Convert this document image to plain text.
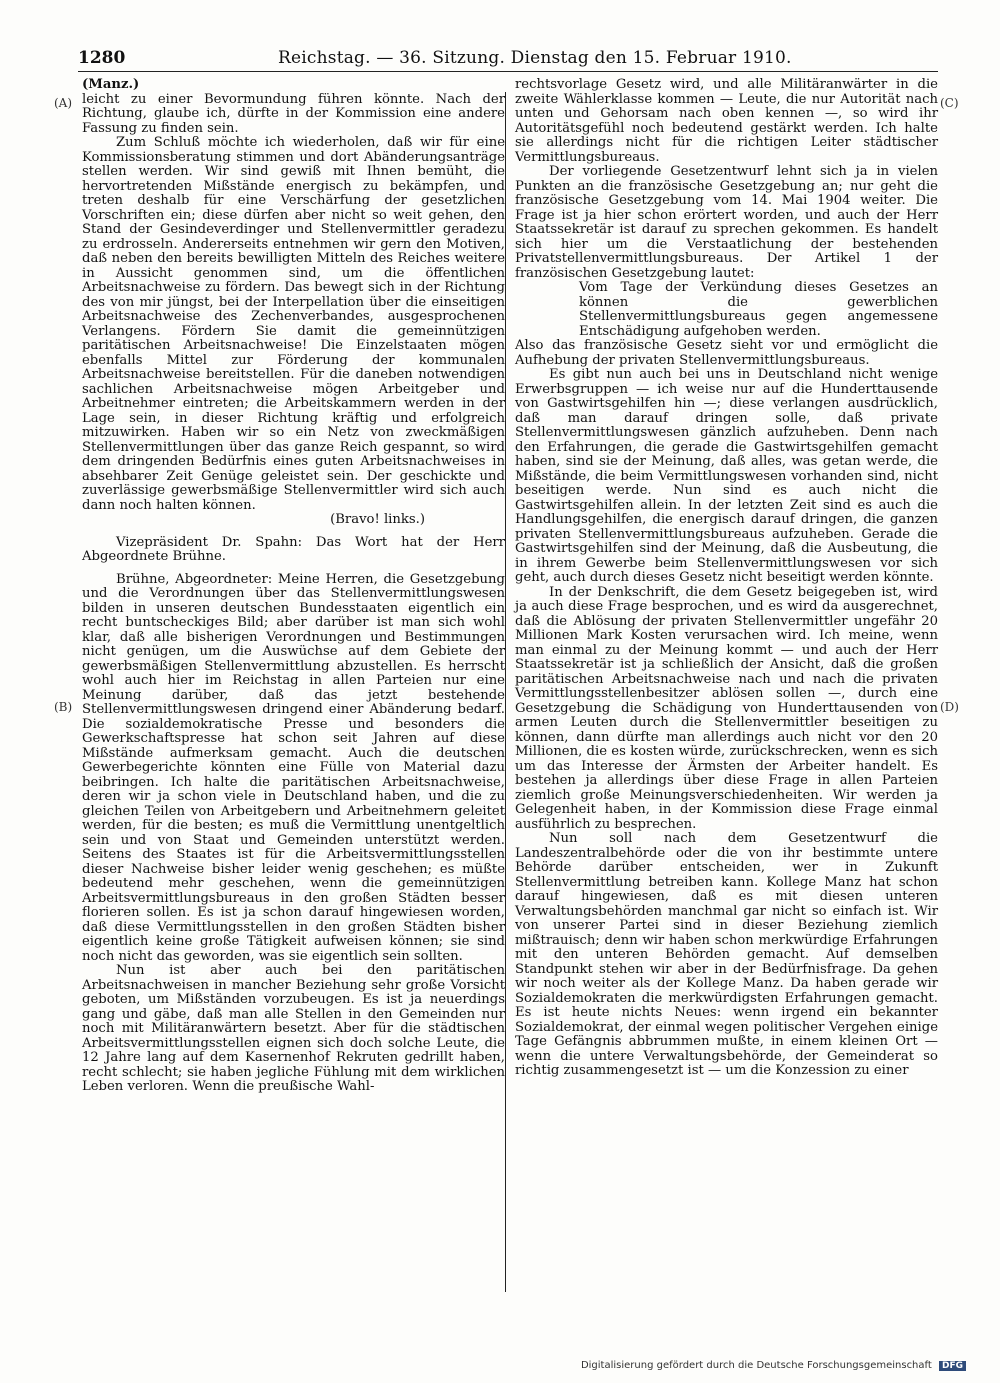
1280	Reichstag. — 36. Sitzung. Dienstag den 15. Februar 1910.
(A)
(B)
(C)
(D)

(Manz.)

leicht zu einer Bevormundung führen könnte. Nach der Richtung, glaube ich, dürfte in der Kommission eine andere Fassung zu finden sein.

Zum Schluß möchte ich wiederholen, daß wir für eine Kommissionsberatung stimmen und dort Abänderungsanträge stellen werden. Wir sind gewiß mit Ihnen bemüht, die hervortretenden Mißstände energisch zu bekämpfen, und treten deshalb für eine Verschärfung der gesetzlichen Vorschriften ein; diese dürfen aber nicht so weit gehen, den Stand der Gesindeverdinger und Stellenvermittler geradezu zu erdrosseln. Andererseits entnehmen wir gern den Motiven, daß neben den bereits bewilligten Mitteln des Reiches weitere in Aussicht genommen sind, um die öffentlichen Arbeitsnachweise zu fördern. Das bewegt sich in der Richtung des von mir jüngst, bei der Interpellation über die einseitigen Arbeitsnachweise des Zechenverbandes, ausgesprochenen Verlangens. Fördern Sie damit die gemeinnützigen paritätischen Arbeitsnachweise! Die Einzelstaaten mögen ebenfalls Mittel zur Förderung der kommunalen Arbeitsnachweise bereitstellen. Für die daneben notwendigen sachlichen Arbeitsnachweise mögen Arbeitgeber und Arbeitnehmer eintreten; die Arbeitskammern werden in der Lage sein, in dieser Richtung kräftig und erfolgreich mitzuwirken. Haben wir so ein Netz von zweckmäßigen Stellenvermittlungen über das ganze Reich gespannt, so wird dem dringenden Bedürfnis eines guten Arbeitsnachweises in absehbarer Zeit Genüge geleistet sein. Der geschickte und zuverlässige gewerbsmäßige Stellenvermittler wird sich auch dann noch halten können.

(Bravo! links.)

Vizepräsident Dr. Spahn: Das Wort hat der Herr Abgeordnete Brühne.

Brühne, Abgeordneter: Meine Herren, die Gesetzgebung und die Verordnungen über das Stellenvermittlungswesen bilden in unseren deutschen Bundesstaaten eigentlich ein recht buntscheckiges Bild; aber darüber ist man sich wohl klar, daß alle bisherigen Verordnungen und Bestimmungen nicht genügen, um die Auswüchse auf dem Gebiete der gewerbsmäßigen Stellenvermittlung abzustellen. Es herrscht wohl auch hier im Reichstag in allen Parteien nur eine Meinung darüber, daß das jetzt bestehende Stellenvermittlungswesen dringend einer Abänderung bedarf. Die sozialdemokratische Presse und besonders die Gewerkschaftspresse hat schon seit Jahren auf diese Mißstände aufmerksam gemacht. Auch die deutschen Gewerbegerichte könnten eine Fülle von Material dazu beibringen. Ich halte die paritätischen Arbeitsnachweise, deren wir ja schon viele in Deutschland haben, und die zu gleichen Teilen von Arbeitgebern und Arbeitnehmern geleitet werden, für die besten; es muß die Vermittlung unentgeltlich sein und von Staat und Gemeinden unterstützt werden. Seitens des Staates ist für die Arbeitsvermittlungsstellen dieser Nachweise bisher leider wenig geschehen; es müßte bedeutend mehr geschehen, wenn die gemeinnützigen Arbeitsvermittlungsbureaus in den großen Städten besser florieren sollen. Es ist ja schon darauf hingewiesen worden, daß diese Vermittlungsstellen in den großen Städten bisher eigentlich keine große Tätigkeit aufweisen können; sie sind noch nicht das geworden, was sie eigentlich sein sollten.

Nun ist aber auch bei den paritätischen Arbeitsnachweisen in mancher Beziehung sehr große Vorsicht geboten, um Mißständen vorzubeugen. Es ist ja neuerdings gang und gäbe, daß man alle Stellen in den Gemeinden nur noch mit Militäranwärtern besetzt. Aber für die städtischen Arbeitsvermittlungsstellen eignen sich doch solche Leute, die 12 Jahre lang auf dem Kasernenhof Rekruten gedrillt haben, recht schlecht; sie haben jegliche Fühlung mit dem wirklichen Leben verloren. Wenn die preußische Wahl-

rechtsvorlage Gesetz wird, und alle Militäranwärter in die zweite Wählerklasse kommen — Leute, die nur Autorität nach unten und Gehorsam nach oben kennen —, so wird ihr Autoritätsgefühl noch bedeutend gestärkt werden. Ich halte sie allerdings nicht für die richtigen Leiter städtischer Vermittlungsbureaus.

Der vorliegende Gesetzentwurf lehnt sich ja in vielen Punkten an die französische Gesetzgebung an; nur geht die französische Gesetzgebung vom 14. Mai 1904 weiter. Die Frage ist ja hier schon erörtert worden, und auch der Herr Staatssekretär ist darauf zu sprechen gekommen. Es handelt sich hier um die Verstaatlichung der bestehenden Privatstellenvermittlungsbureaus. Der Artikel 1 der französischen Gesetzgebung lautet:

Vom Tage der Verkündung dieses Gesetzes an können die gewerblichen Stellenvermittlungsbureaus gegen angemessene Entschädigung aufgehoben werden.

Also das französische Gesetz sieht vor und ermöglicht die Aufhebung der privaten Stellenvermittlungsbureaus.

Es gibt nun auch bei uns in Deutschland nicht wenige Erwerbsgruppen — ich weise nur auf die Hunderttausende von Gastwirtsgehilfen hin —; diese verlangen ausdrücklich, daß man darauf dringen solle, daß private Stellenvermittlungswesen gänzlich aufzuheben. Denn nach den Erfahrungen, die gerade die Gastwirtsgehilfen gemacht haben, sind sie der Meinung, daß alles, was getan werde, die Mißstände, die beim Vermittlungswesen vorhanden sind, nicht beseitigen werde. Nun sind es auch nicht die Gastwirtsgehilfen allein. In der letzten Zeit sind es auch die Handlungsgehilfen, die energisch darauf dringen, die ganzen privaten Stellenvermittlungsbureaus aufzuheben. Gerade die Gastwirtsgehilfen sind der Meinung, daß die Ausbeutung, die in ihrem Gewerbe beim Stellenvermittlungswesen vor sich geht, auch durch dieses Gesetz nicht beseitigt werden könnte.

In der Denkschrift, die dem Gesetz beigegeben ist, wird ja auch diese Frage besprochen, und es wird da ausgerechnet, daß die Ablösung der privaten Stellenvermittler ungefähr 20 Millionen Mark Kosten verursachen wird. Ich meine, wenn man einmal zu der Meinung kommt — und auch der Herr Staatssekretär ist ja schließlich der Ansicht, daß die großen paritätischen Arbeitsnachweise nach und nach die privaten Vermittlungsstellenbesitzer ablösen sollen —, durch eine Gesetzgebung die Schädigung von Hunderttausenden von armen Leuten durch die Stellenvermittler beseitigen zu können, dann dürfte man allerdings auch nicht vor den 20 Millionen, die es kosten würde, zurückschrecken, wenn es sich um das Interesse der Ärmsten der Arbeiter handelt. Es bestehen ja allerdings über diese Frage in allen Parteien ziemlich große Meinungsverschiedenheiten. Wir werden ja Gelegenheit haben, in der Kommission diese Frage einmal ausführlich zu besprechen.

Nun soll nach dem Gesetzentwurf die Landeszentralbehörde oder die von ihr bestimmte untere Behörde darüber entscheiden, wer in Zukunft Stellenvermittlung betreiben kann. Kollege Manz hat schon darauf hingewiesen, daß es mit diesen unteren Verwaltungsbehörden manchmal gar nicht so einfach ist. Wir von unserer Partei sind in dieser Beziehung ziemlich mißtrauisch; denn wir haben schon merkwürdige Erfahrungen mit den unteren Behörden gemacht. Auf demselben Standpunkt stehen wir aber in der Bedürfnisfrage. Da gehen wir noch weiter als der Kollege Manz. Da haben gerade wir Sozialdemokraten die merkwürdigsten Erfahrungen gemacht. Es ist heute nichts Neues: wenn irgend ein bekannter Sozialdemokrat, der einmal wegen politischer Vergehen einige Tage Gefängnis abbrummen mußte, in einem kleinen Ort — wenn die untere Verwaltungsbehörde, der Gemeinderat so richtig zusammengesetzt ist — um die Konzession zu einer

Digitalisierung gefördert durch die Deutsche Forschungsgemeinschaft DFG
